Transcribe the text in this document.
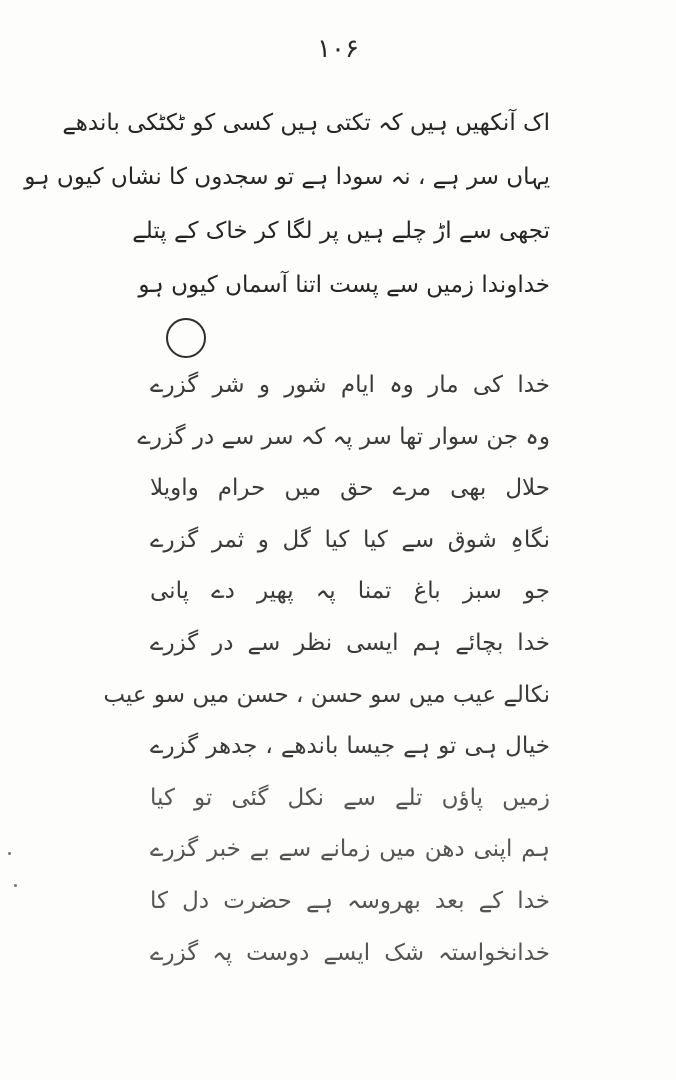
۱۰۶
اک آنکھیں ہیں کہ تکتی ہیں کسی کو ٹکٹکی باندھے
یہاں سر ہے ، نہ سودا ہے تو سجدوں کا نشاں کیوں ہو
تجھی سے اڑ چلے ہیں پر لگا کر خاک کے پتلے
خداوندا زمیں سے پست اتنا آسماں کیوں ہو
خدا کی مار وہ ایام شور و شر گزرے
وہ جن سوار تھا سر پہ کہ سر سے در گزرے
حلال بھی مرے حق میں حرام واویلا
نگاہِ شوق سے کیا کیا گل و ثمر گزرے
جو سبز باغ تمنا پہ پھیر دے پانی
خدا بچائے ہم ایسی نظر سے در گزرے
نکالے عیب میں سو حسن ، حسن میں سو عیب
خیال ہی تو ہے جیسا باندھے ، جدھر گزرے
زمیں پاؤں تلے سے نکل گئی تو کیا
ہم اپنی دھن میں زمانے سے بے خبر گزرے
خدا کے بعد بھروسہ ہے حضرت دل کا
خدانخواستہ شک ایسے دوست پہ گزرے
